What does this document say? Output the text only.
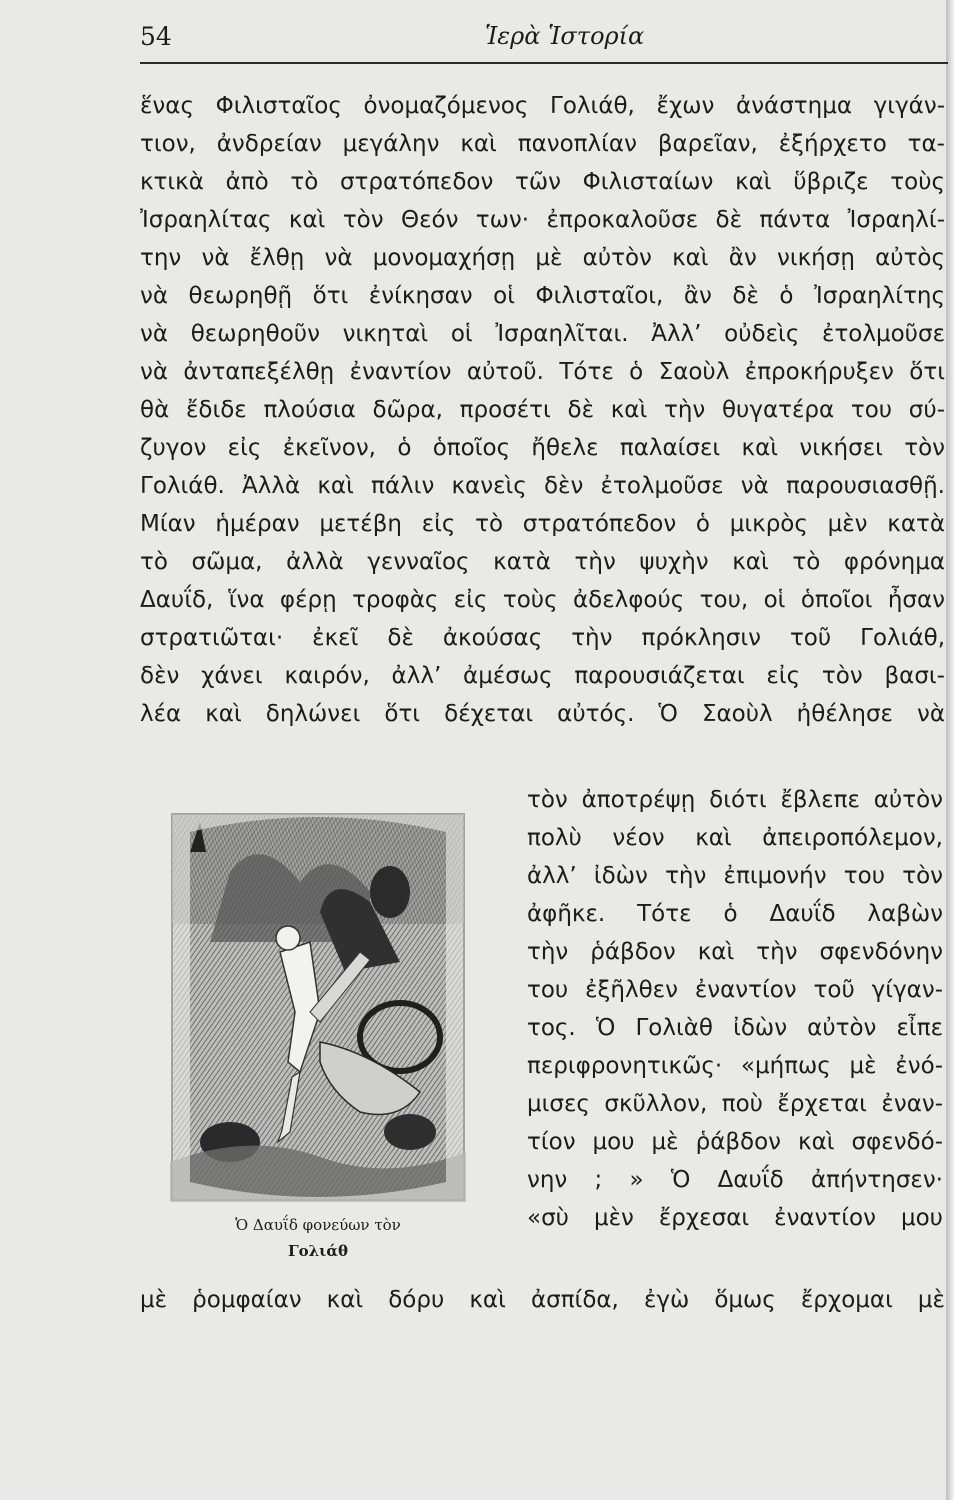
54	Ἱερὰ Ἱστορία
ἕνας Φιλισταῖος ὀνομαζόμενος Γολιάθ, ἔχων ἀνάστημα γιγάν-
τιον, ἀνδρείαν μεγάλην καὶ πανοπλίαν βαρεῖαν, ἐξήρχετο τα-
κτικὰ ἀπὸ τὸ στρατόπεδον τῶν Φιλισταίων καὶ ὕβριζε τοὺς
Ἰσραηλίτας καὶ τὸν Θεόν των· ἐπροκαλοῦσε δὲ πάντα Ἰσραηλί-
την νὰ ἔλθῃ νὰ μονομαχήσῃ μὲ αὐτὸν καὶ ἂν νικήσῃ αὐτὸς
νὰ θεωρηθῇ ὅτι ἐνίκησαν οἱ Φιλισταῖοι, ἂν δὲ ὁ Ἰσραηλίτης
νὰ θεωρηθοῦν νικηταὶ οἱ Ἰσραηλῖται. Ἀλλ’ οὐδεὶς ἐτολμοῦσε
νὰ ἀνταπεξέλθῃ ἐναντίον αὐτοῦ. Τότε ὁ Σαοὺλ ἐπροκήρυξεν ὅτι
θὰ ἔδιδε πλούσια δῶρα, προσέτι δὲ καὶ τὴν θυγατέρα του σύ-
ζυγον εἰς ἐκεῖνον, ὁ ὁποῖος ἤθελε παλαίσει καὶ νικήσει τὸν
Γολιάθ. Ἀλλὰ καὶ πάλιν κανεὶς δὲν ἐτολμοῦσε νὰ παρουσιασθῇ.
Μίαν ἡμέραν μετέβη εἰς τὸ στρατόπεδον ὁ μικρὸς μὲν κατὰ
τὸ σῶμα, ἀλλὰ γενναῖος κατὰ τὴν ψυχὴν καὶ τὸ φρόνημα
Δαυΐδ, ἵνα φέρῃ τροφὰς εἰς τοὺς ἀδελφούς του, οἱ ὁποῖοι ἦσαν
στρατιῶται· ἐκεῖ δὲ ἀκούσας τὴν πρόκλησιν τοῦ Γολιάθ,
δὲν χάνει καιρόν, ἀλλ’ ἀμέσως παρουσιάζεται εἰς τὸν βασι-
λέα καὶ δηλώνει ὅτι δέχεται αὐτός. Ὁ Σαοὺλ ἠθέλησε νὰ
τὸν ἀποτρέψῃ διότι ἔβλεπε αὐτὸν
πολὺ νέον καὶ ἀπειροπόλεμον,
ἀλλ’ ἰδὼν τὴν ἐπιμονήν του τὸν
ἀφῆκε. Τότε ὁ Δαυΐδ λαβὼν
τὴν ῥάβδον καὶ τὴν σφενδόνην
του ἐξῆλθεν ἐναντίον τοῦ γίγαν-
τος. Ὁ Γολιὰθ ἰδὼν αὐτὸν εἶπε
περιφρονητικῶς· «μήπως μὲ ἐνό-
μισες σκῦλλον, ποὺ ἔρχεται ἐναν-
τίον μου μὲ ῥάβδον καὶ σφενδό-
νην ; » Ὁ Δαυΐδ ἀπήντησεν·
«σὺ μὲν ἔρχεσαι ἐναντίον μου
Ὁ Δαυΐδ φονεύων τὸν
Γολιάθ
μὲ ῥομφαίαν καὶ δόρυ καὶ ἀσπίδα, ἐγὼ ὅμως ἔρχομαι μὲ
